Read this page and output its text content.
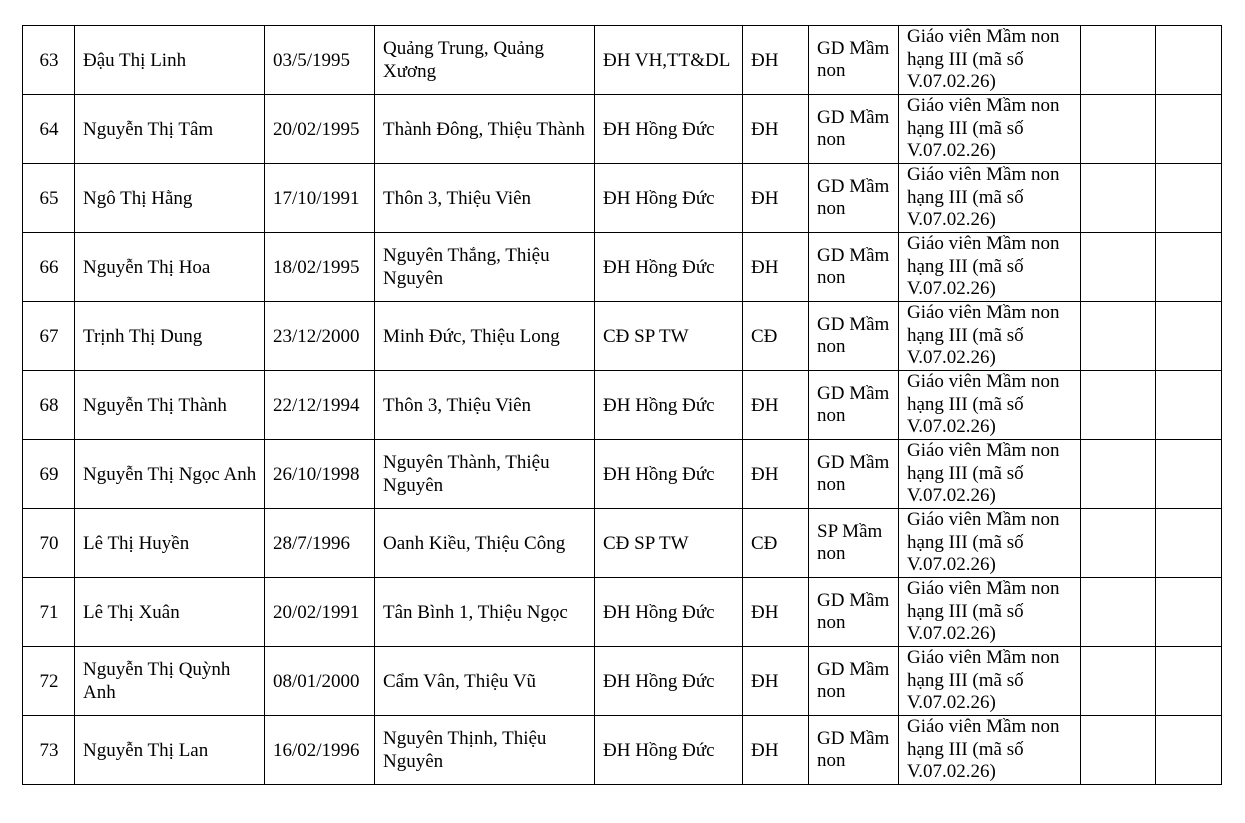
63	Đậu Thị Linh	03/5/1995	Quảng Trung, Quảng Xương	ĐH VH,TT&DL	ĐH	GD Mầm non	Giáo viên Mầm non hạng III (mã số V.07.02.26)		
64	Nguyễn Thị Tâm	20/02/1995	Thành Đông, Thiệu Thành	ĐH Hồng Đức	ĐH	GD Mầm non	Giáo viên Mầm non hạng III (mã số V.07.02.26)		
65	Ngô Thị Hằng	17/10/1991	Thôn 3, Thiệu Viên	ĐH Hồng Đức	ĐH	GD Mầm non	Giáo viên Mầm non hạng III (mã số V.07.02.26)		
66	Nguyễn Thị Hoa	18/02/1995	Nguyên Thắng, Thiệu Nguyên	ĐH Hồng Đức	ĐH	GD Mầm non	Giáo viên Mầm non hạng III (mã số V.07.02.26)		
67	Trịnh Thị Dung	23/12/2000	Minh Đức, Thiệu Long	CĐ SP TW	CĐ	GD Mầm non	Giáo viên Mầm non hạng III (mã số V.07.02.26)		
68	Nguyễn Thị Thành	22/12/1994	Thôn 3, Thiệu Viên	ĐH Hồng Đức	ĐH	GD Mầm non	Giáo viên Mầm non hạng III (mã số V.07.02.26)		
69	Nguyễn Thị Ngọc Anh	26/10/1998	Nguyên Thành, Thiệu Nguyên	ĐH Hồng Đức	ĐH	GD Mầm non	Giáo viên Mầm non hạng III (mã số V.07.02.26)		
70	Lê Thị Huyền	28/7/1996	Oanh Kiều, Thiệu Công	CĐ SP TW	CĐ	SP Mầm non	Giáo viên Mầm non hạng III (mã số V.07.02.26)		
71	Lê Thị Xuân	20/02/1991	Tân Bình 1, Thiệu Ngọc	ĐH Hồng Đức	ĐH	GD Mầm non	Giáo viên Mầm non hạng III (mã số V.07.02.26)		
72	Nguyễn Thị Quỳnh Anh	08/01/2000	Cẩm Vân, Thiệu Vũ	ĐH Hồng Đức	ĐH	GD Mầm non	Giáo viên Mầm non hạng III (mã số V.07.02.26)		
73	Nguyễn Thị Lan	16/02/1996	Nguyên Thịnh, Thiệu Nguyên	ĐH Hồng Đức	ĐH	GD Mầm non	Giáo viên Mầm non hạng III (mã số V.07.02.26)		
